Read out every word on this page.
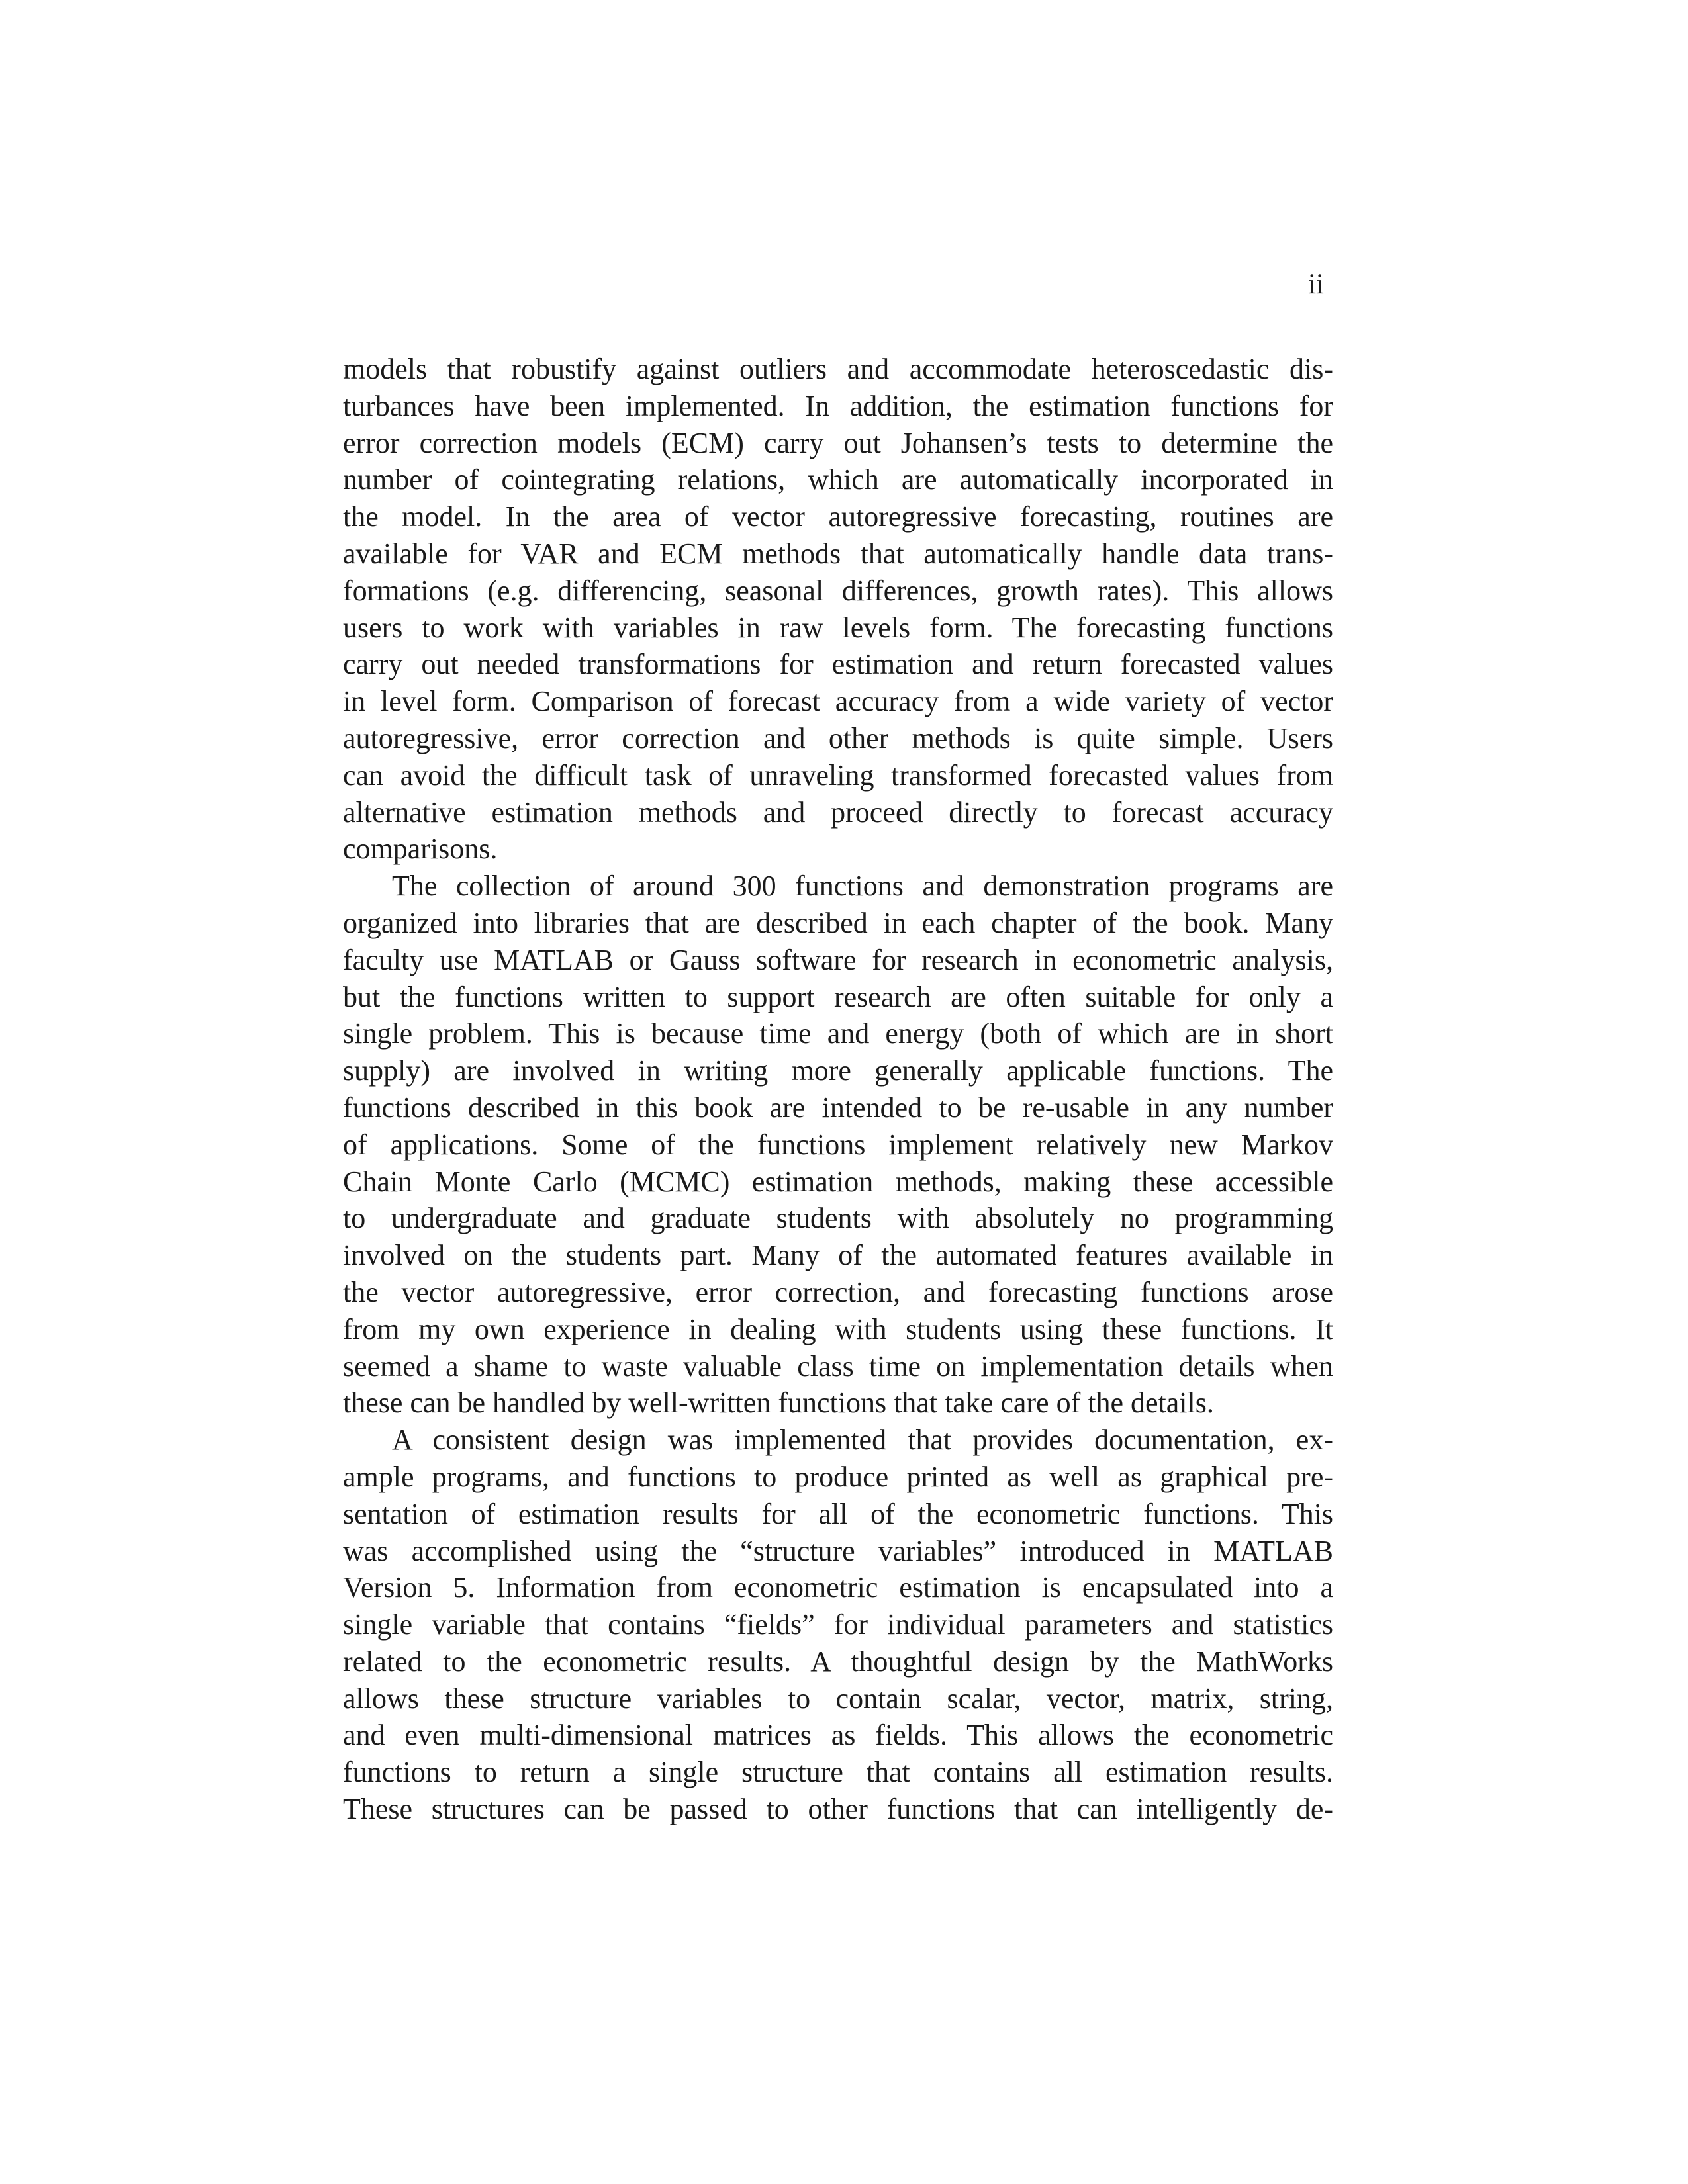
ii
models that robustify against outliers and accommodate heteroscedastic dis-
turbances have been implemented. In addition, the estimation functions for
error correction models (ECM) carry out Johansen’s tests to determine the
number of cointegrating relations, which are automatically incorporated in
the model. In the area of vector autoregressive forecasting, routines are
available for VAR and ECM methods that automatically handle data trans-
formations (e.g. differencing, seasonal differences, growth rates). This allows
users to work with variables in raw levels form. The forecasting functions
carry out needed transformations for estimation and return forecasted values
in level form. Comparison of forecast accuracy from a wide variety of vector
autoregressive, error correction and other methods is quite simple. Users
can avoid the difficult task of unraveling transformed forecasted values from
alternative estimation methods and proceed directly to forecast accuracy
comparisons.
The collection of around 300 functions and demonstration programs are
organized into libraries that are described in each chapter of the book. Many
faculty use MATLAB or Gauss software for research in econometric analysis,
but the functions written to support research are often suitable for only a
single problem. This is because time and energy (both of which are in short
supply) are involved in writing more generally applicable functions. The
functions described in this book are intended to be re-usable in any number
of applications. Some of the functions implement relatively new Markov
Chain Monte Carlo (MCMC) estimation methods, making these accessible
to undergraduate and graduate students with absolutely no programming
involved on the students part. Many of the automated features available in
the vector autoregressive, error correction, and forecasting functions arose
from my own experience in dealing with students using these functions. It
seemed a shame to waste valuable class time on implementation details when
these can be handled by well-written functions that take care of the details.
A consistent design was implemented that provides documentation, ex-
ample programs, and functions to produce printed as well as graphical pre-
sentation of estimation results for all of the econometric functions. This
was accomplished using the “structure variables” introduced in MATLAB
Version 5. Information from econometric estimation is encapsulated into a
single variable that contains “fields” for individual parameters and statistics
related to the econometric results. A thoughtful design by the MathWorks
allows these structure variables to contain scalar, vector, matrix, string,
and even multi-dimensional matrices as fields. This allows the econometric
functions to return a single structure that contains all estimation results.
These structures can be passed to other functions that can intelligently de-
